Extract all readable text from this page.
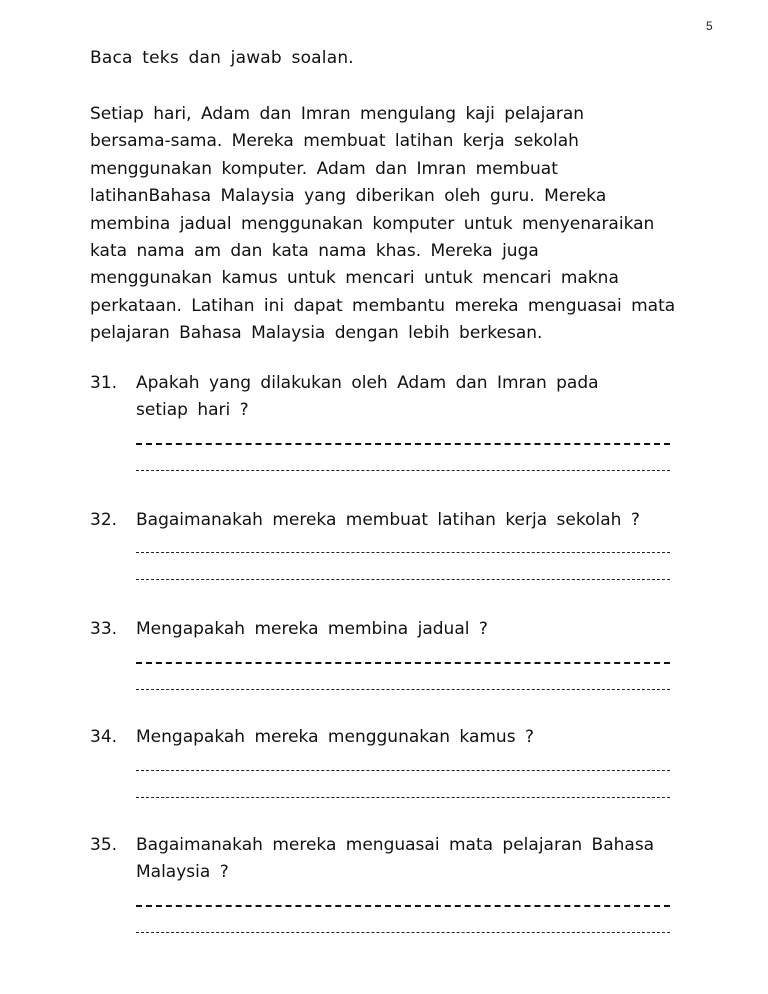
5
Baca teks dan jawab soalan.
Setiap hari, Adam dan Imran mengulang kaji pelajaran
bersama-sama. Mereka membuat latihan kerja sekolah
menggunakan komputer. Adam dan Imran membuat
latihanBahasa Malaysia yang diberikan oleh guru. Mereka
membina jadual menggunakan komputer untuk menyenaraikan
kata nama am dan kata nama khas. Mereka juga
menggunakan kamus untuk mencari untuk mencari makna
perkataan. Latihan ini dapat membantu mereka menguasai mata
pelajaran Bahasa Malaysia dengan lebih berkesan.
31. Apakah yang dilakukan oleh Adam dan Imran pada
setiap hari ?
32. Bagaimanakah mereka membuat latihan kerja sekolah ?
33. Mengapakah mereka membina jadual ?
34. Mengapakah mereka menggunakan kamus ?
35. Bagaimanakah mereka menguasai mata pelajaran Bahasa
Malaysia ?
